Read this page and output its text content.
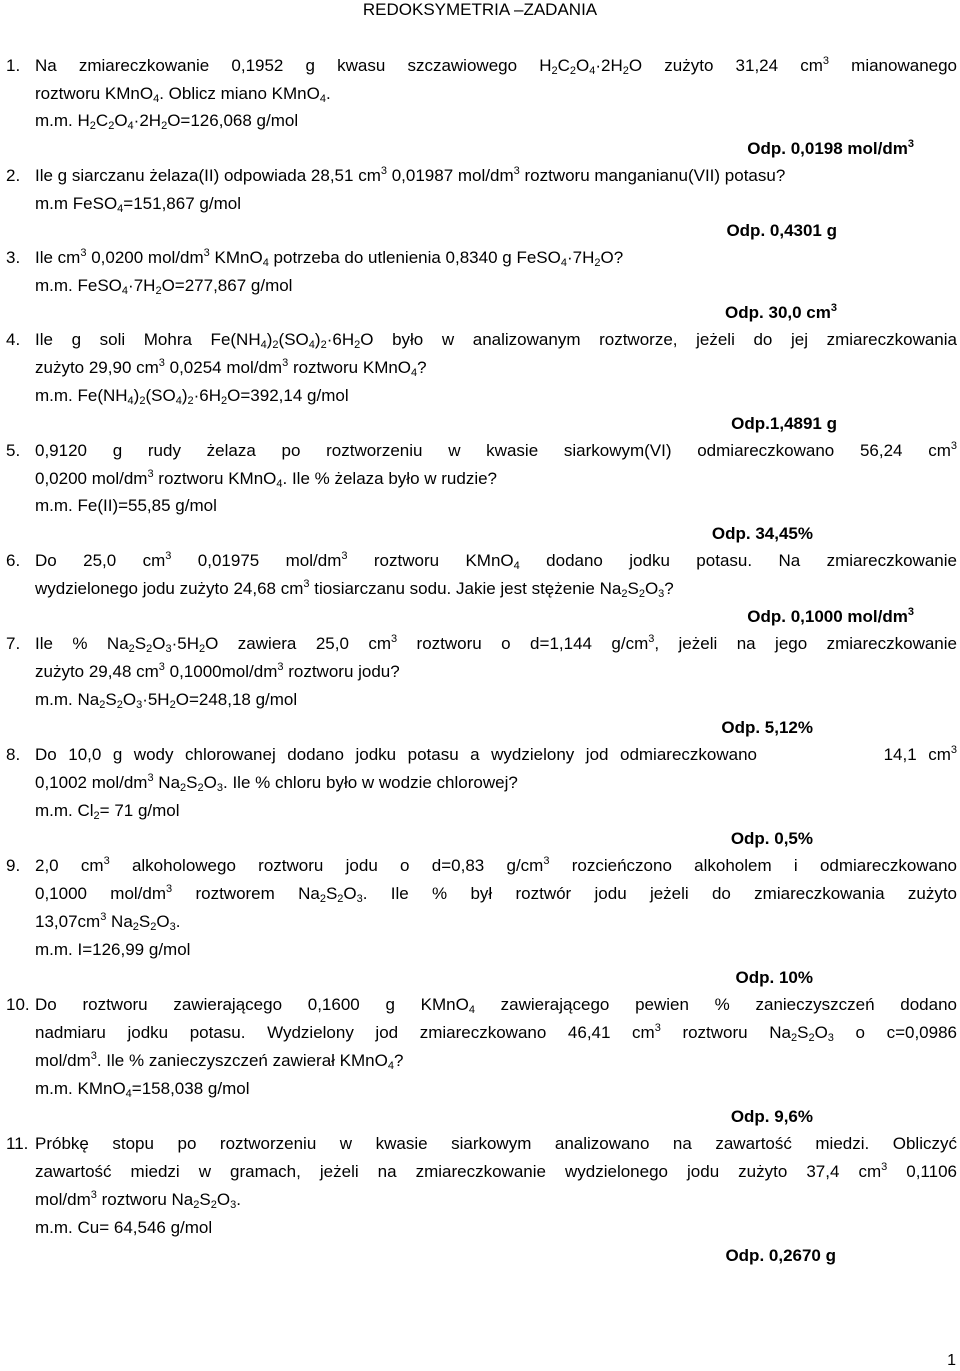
REDOKSYMETRIA –ZADANIA
1. Na zmiareczkowanie 0,1952 g kwasu szczawiowego $H_2C_2O_4\cdot 2H_2O$ zużyto 31,24 $cm^3$ mianowanego
roztworu KMnO$_4$. Oblicz miano KMnO$_4$.
m.m. $H_2C_2O_4\cdot 2H_2O=126,068$ g/mol
Odp. 0,0198 mol/$dm^3$
2. Ile g siarczanu żelaza(II) odpowiada 28,51 $cm^3$ 0,01987 mol/$dm^3$ roztworu manganianu(VII) potasu?
m.m FeSO$_4$=151,867 g/mol
Odp. 0,4301 g
3. Ile $cm^3$ 0,0200 mol/$dm^3$ KMnO$_4$ potrzeba do utlenienia 0,8340 g $FeSO_4\cdot 7H_2O$?
m.m. $FeSO_4\cdot 7H_2O=277,867$ g/mol
Odp. 30,0 $cm^3$
4. Ile g soli Mohra $Fe(NH_4)_2(SO_4)_2\cdot 6H_2O$ było w analizowanym roztworze, jeżeli do jej zmiareczkowania
zużyto 29,90 $cm^3$ 0,0254 mol/$dm^3$ roztworu KMnO$_4$?
m.m. $Fe(NH_4)_2(SO_4)_2\cdot 6H_2O=392,14$ g/mol
Odp.1,4891 g
5. 0,9120 g rudy żelaza po roztworzeniu w kwasie siarkowym(VI) odmiareczkowano 56,24 $cm^3$
0,0200 mol/$dm^3$ roztworu KMnO$_4$. Ile % żelaza było w rudzie?
m.m. Fe(II)=55,85 g/mol
Odp. 34,45%
6. Do 25,0 $cm^3$ 0,01975 mol/$dm^3$ roztworu KMnO$_4$ dodano jodku potasu. Na zmiareczkowanie
wydzielonego jodu zużyto 24,68 $cm^3$ tiosiarczanu sodu. Jakie jest stężenie $Na_2S_2O_3$?
Odp. 0,1000 mol/$dm^3$
7. Ile % $Na_2S_2O_3\cdot 5H_2O$ zawiera 25,0 $cm^3$ roztworu o d=1,144 $g/cm^3$, jeżeli na jego zmiareczkowanie
zużyto 29,48 $cm^3$ $0,1000mol/dm^3$ roztworu jodu?
m.m. $Na_2S_2O_3\cdot 5H_2O=248,18$ g/mol
Odp. 5,12%
8. Do 10,0 g wody chlorowanej dodano jodku potasu a wydzielony jod odmiareczkowano           14,1 $cm^3$
0,1002 mol/$dm^3$ $Na_2S_2O_3$. Ile % chloru było w wodzie chlorowej?
m.m. $Cl_2= 71$ g/mol
Odp. 0,5%
9. 2,0 $cm^3$ alkoholowego roztworu jodu o d=0,83 $g/cm^3$ rozcieńczono alkoholem i odmiareczkowano
0,1000 mol/$dm^3$ roztworem $Na_2S_2O_3$. Ile % był roztwór jodu jeżeli do zmiareczkowania zużyto
$13,07cm^3$ $Na_2S_2O_3$.
m.m. I=126,99 g/mol
Odp. 10%
10. Do roztworu zawierającego 0,1600 g KMnO$_4$ zawierającego pewien % zanieczyszczeń dodano
nadmiaru jodku potasu. Wydzielony jod zmiareczkowano 46,41 $cm^3$ roztworu $Na_2S_2O_3$ o c=0,0986
mol/$dm^3$. Ile % zanieczyszczeń zawierał KMnO$_4$?
m.m. KMnO$_4$=158,038 g/mol
Odp. 9,6%
11. Próbkę stopu po roztworzeniu w kwasie siarkowym analizowano na zawartość miedzi. Obliczyć
zawartość miedzi w gramach, jeżeli na zmiareczkowanie wydzielonego jodu zużyto 37,4 $cm^3$ 0,1106
mol/$dm^3$ roztworu $Na_2S_2O_3$.
m.m. Cu= 64,546 g/mol
Odp. 0,2670 g
1
